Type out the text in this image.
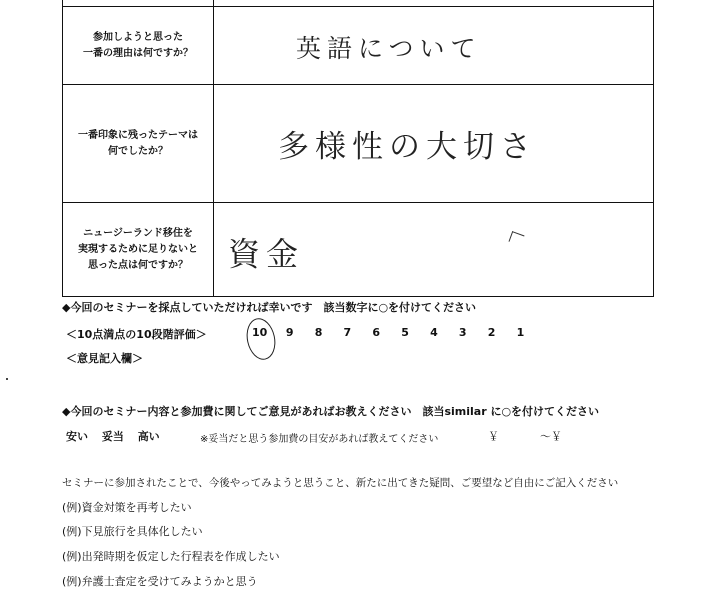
参加しようと思った
一番の理由は何ですか？	英語について

一番印象に残ったテーマは
何でしたか？	多様性の大切さ

ニュージーランド移住を
実現するために足りないと
思った点は何ですか？	資金
◆今回のセミナーを採点していただければ幸いです　該当数字に○を付けてください
＜10点満点の10段階評価＞	10 9 8 7 6 5 4 3 2 1
＜意見記入欄＞
◆今回のセミナー内容と参加費に関してご意見があればお教えください　該当similar に○を付けてください
安い 妥当 高い	※妥当だと思う参加費の目安があれば教えてください	￥	～￥
セミナーに参加されたことで、今後やってみようと思うこと、新たに出てきた疑問、ご要望など自由にご記入ください
(例)資金対策を再考したい
(例)下見旅行を具体化したい
(例)出発時期を仮定した行程表を作成したい
(例)弁護士査定を受けてみようかと思う
